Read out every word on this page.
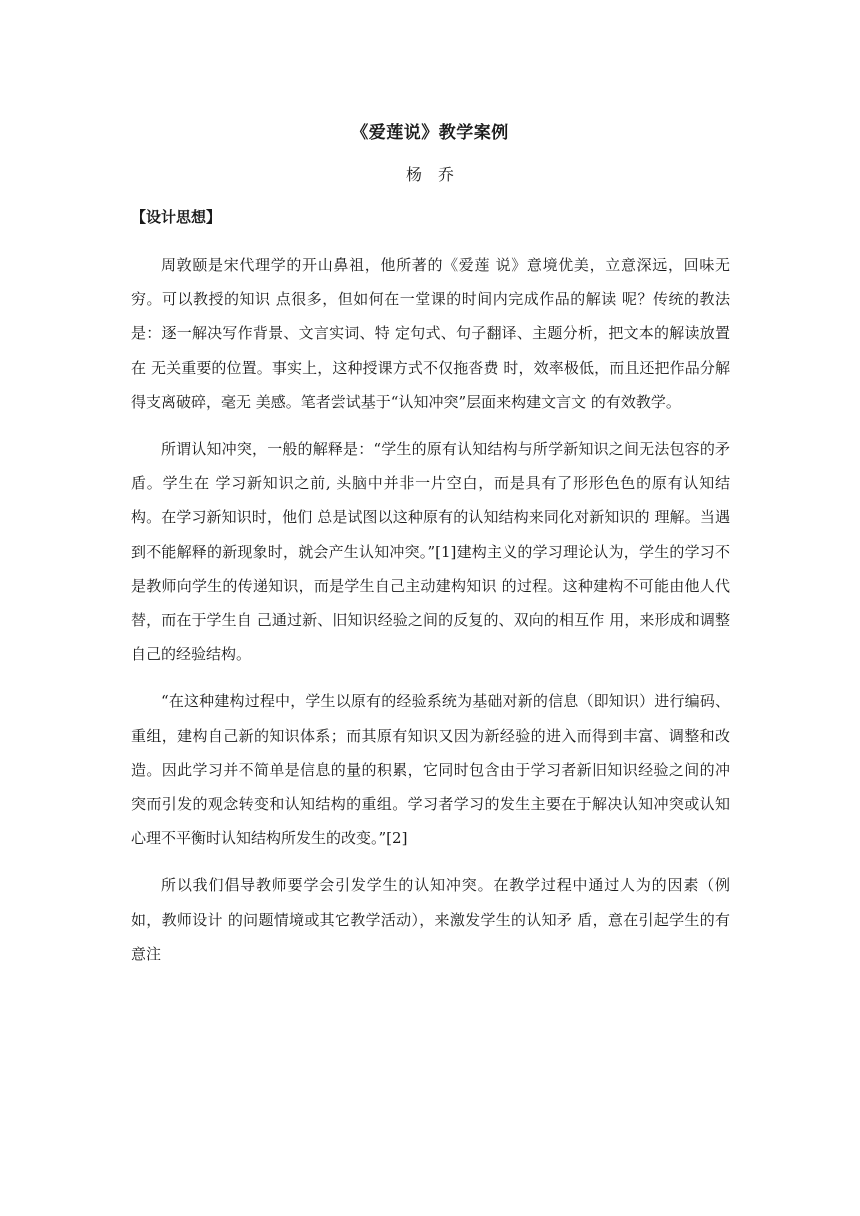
《爱莲说》教学案例
杨　乔
【设计思想】

周敦颐是宋代理学的开山鼻祖，他所著的《爱莲 说》意境优美，立意深远，回味无穷。可以教授的知识 点很多，但如何在一堂课的时间内完成作品的解读 呢？传统的教法是：逐一解决写作背景、文言实词、特 定句式、句子翻译、主题分析，把文本的解读放置在 无关重要的位置。事实上，这种授课方式不仅拖沓费 时，效率极低，而且还把作品分解得支离破碎，毫无 美感。笔者尝试基于“认知冲突”层面来构建文言文 的有效教学。

所谓认知冲突，一般的解释是：“学生的原有认知结构与所学新知识之间无法包容的矛盾。学生在 学习新知识之前, 头脑中并非一片空白，而是具有了形形色色的原有认知结构。在学习新知识时，他们 总是试图以这种原有的认知结构来同化对新知识的 理解。当遇到不能解释的新现象时，就会产生认知冲突。”[1]建构主义的学习理论认为，学生的学习不是教师向学生的传递知识，而是学生自己主动建构知识 的过程。这种建构不可能由他人代替，而在于学生自 己通过新、旧知识经验之间的反复的、双向的相互作 用，来形成和调整自己的经验结构。

“在这种建构过程中，学生以原有的经验系统为基础对新的信息（即知识）进行编码、重组，建构自己新的知识体系；而其原有知识又因为新经验的进入而得到丰富、调整和改造。因此学习并不简单是信息的量的积累，它同时包含由于学习者新旧知识经验之间的冲突而引发的观念转变和认知结构的重组。学习者学习的发生主要在于解决认知冲突或认知心理不平衡时认知结构所发生的改变。”[2]

所以我们倡导教师要学会引发学生的认知冲突。在教学过程中通过人为的因素（例如，教师设计 的问题情境或其它教学活动），来激发学生的认知矛 盾，意在引起学生的有意注
